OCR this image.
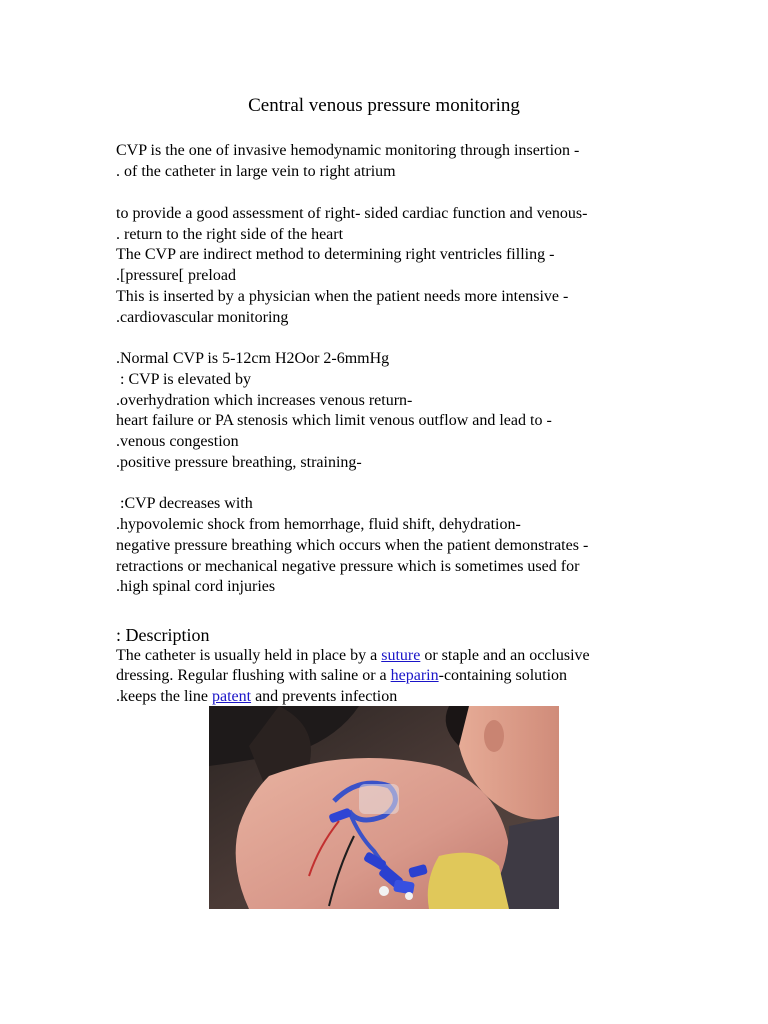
Central venous pressure monitoring
CVP is the one of invasive hemodynamic monitoring through insertion -
. of the catheter in large vein to right atrium
to provide a good assessment of right- sided cardiac function and venous-
. return to the right side of the heart
The CVP are indirect method to determining right ventricles filling -
.[pressure[ preload
This is inserted by a physician when the patient needs more intensive -
.cardiovascular monitoring
.Normal CVP is 5-12cm H2Oor 2-6mmHg
: CVP is elevated by
.overhydration which increases venous return-
heart failure or PA stenosis which limit venous outflow and lead to -
.venous congestion
.positive pressure breathing, straining-
:CVP decreases with
.hypovolemic shock from hemorrhage, fluid shift, dehydration-
negative pressure breathing which occurs when the patient demonstrates -
retractions or mechanical negative pressure which is sometimes used for
.high spinal cord injuries
: Description
The catheter is usually held in place by a suture or staple and an occlusive
dressing. Regular flushing with saline or a heparin-containing solution
.keeps the line patent and prevents infection
